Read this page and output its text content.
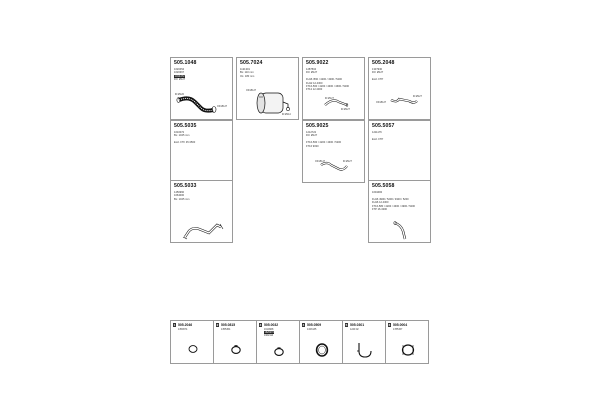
505.1048
1620454
1620367
1344472
FD: Ø127

ID Ø120
OD Ø127
505.7024
1121301
BL: 110 mm
OL: 180 mm

OD Ø127
ID Ø114
505.9022
1287504
FD: Ø127

FH16 /560 / 4200 / 4300 / 5200
FH12 12.4300
FT16-560 / 4200 / 4300 / 4600 / 5200
FT12 12.4300

ID Ø127
ID Ø127
505.2048
1337930
FD: Ø127

Excl. FTP

OD Ø127
ID Ø127
505.5035
1610072
BL: 1045 mm

Excl. FTF 45.3500

505.9025
1212722
FD: Ø127

FT16-560 / 4200 / 4300 / 5200
FT16 9030

OD Ø127	ID Ø127
505.5057
1211176

Excl. FTP

505.5033
1450960
1664000
BL: 1045 mm

505.5058
1604484

FH16 4900 / 5200 / 4900 / 5200
FH16 12.4300
FT16-580 / 4200 / 4300 / 4900 / 5200
FTP 16.4300

1 505.2046
1350674

2 505.0815
1355454

3 505.0032
1610968
1626272
1962114

4 505.0509
1343135

5 505.0301
1249 02

6 505.0004
1785157
